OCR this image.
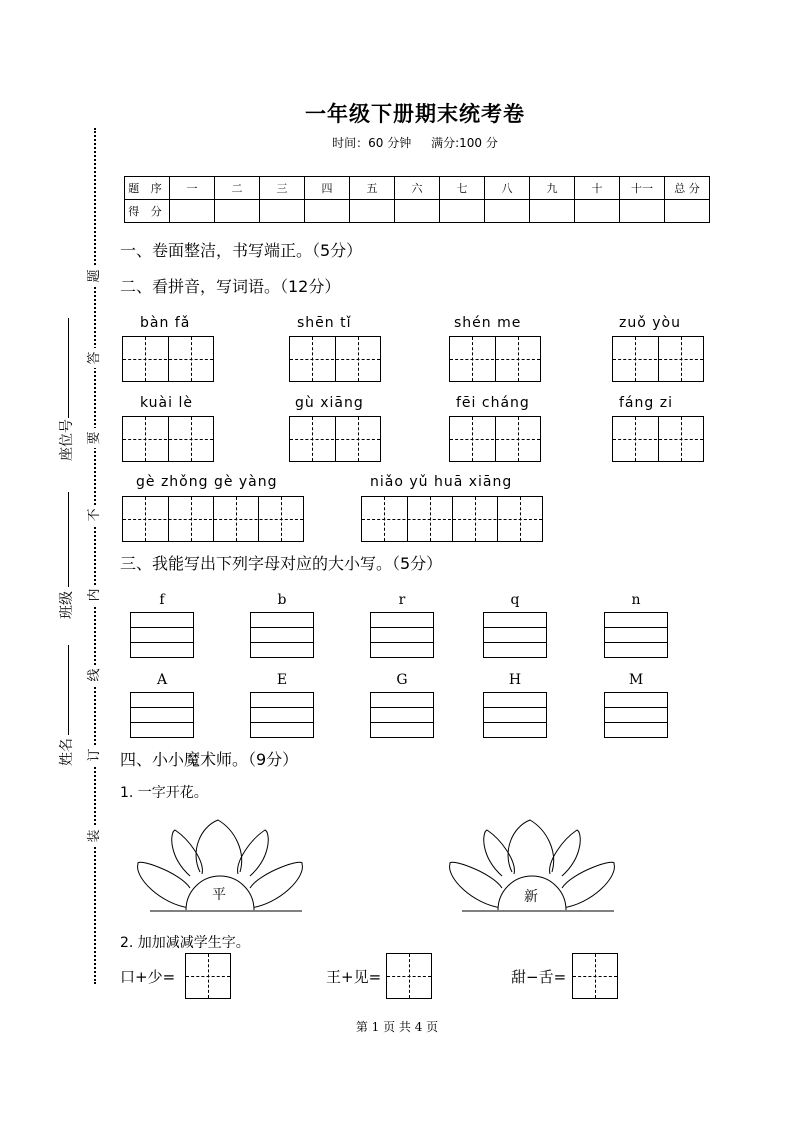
一年级下册期末统考卷
时间：60 分钟 满分:100 分
题
答
要
不
内
线
订
装
座位号
班级
姓名
题 序	一	二	三	四	五	六	七	八	九	十	十一	总 分
得 分												
一、卷面整洁，书写端正。（5分）
二、看拼音，写词语。（12分）
bàn fǎ	shēn tǐ	shén me	zuǒ yòu
kuài lè	gù xiāng	fēi cháng	fáng zi
gè zhǒng gè yàng	niǎo yǔ huā xiāng
三、我能写出下列字母对应的大小写。（5分）
f	b	r	q	n
A	E	G	H	M
四、小小魔术师。（9分）
1. 一字开花。
平	新
2. 加加减减学生字。
口+少=	王+见=	甜−舌=
第 1 页 共 4 页
